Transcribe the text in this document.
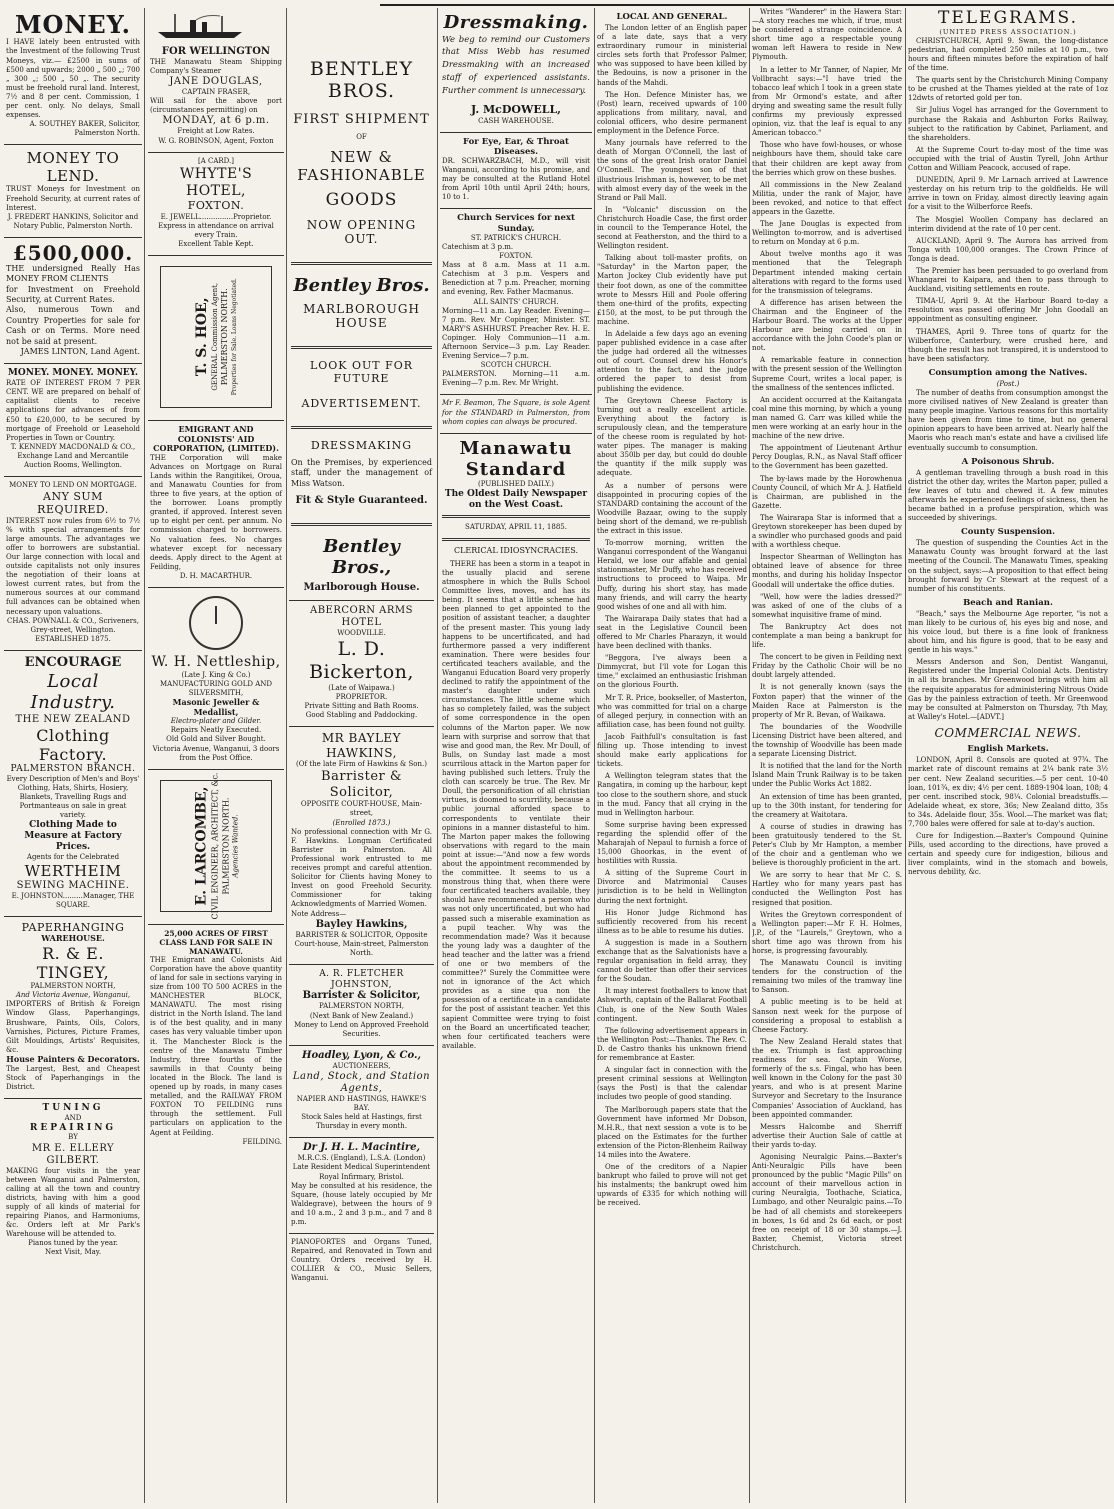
MONEY.
I HAVE lately been entrusted with the Investment of the following Trust Moneys, viz.— £2500 in sums of £500 and upwards; 2000 „ 500 „; 700 „ 300 „; 500 „ 50 „. The security must be freehold rural land. Interest, 7½ and 8 per cent. Commission, 1 per cent. only. No delays, Small expenses.
A. SOUTHEY BAKER, Solicitor, Palmerston North.
MONEY TO LEND.
TRUST Moneys for Investment on Freehold Security, at current rates of Interest.
J. FREDERT HANKINS, Solicitor and Notary Public, Palmerston North.
£500,000.
THE undersigned Really Has MONEY FROM CLIENTS
for Investment on Freehold Security, at Current Rates.
Also, numerous Town and Country Properties for sale for Cash or on Terms. More need not be said at present.
JAMES LINTON, Land Agent.
MONEY. MONEY. MONEY.
RATE OF INTEREST FROM 7 PER CENT. WE are prepared on behalf of capitalist clients to receive applications for advances of from £50 to £20,000, to be secured by mortgage of Freehold or Leasehold Properties in Town or Country.
T. KENNEDY MACDONALD & CO., Exchange Land and Mercantile Auction Rooms, Wellington.
MONEY TO LEND ON MORTGAGE.
ANY SUM REQUIRED.
INTEREST now rules from 6½ to 7½ % with special arrangements for large amounts. The advantages we offer to borrowers are substantial. Our large connection with local and outside capitalists not only insures the negotiation of their loans at lowest current rates, but from the numerous sources at our command full advances can be obtained when necessary upon valuations.
CHAS. POWNALL & CO., Scriveners, Grey-street, Wellington. ESTABLISHED 1875.
ENCOURAGE
Local Industry.
THE NEW ZEALAND
Clothing Factory.
PALMERSTON BRANCH.
Every Description of Men's and Boys' Clothing, Hats, Shirts, Hosiery, Blankets, Travelling Rugs and Portmanteaus on sale in great variety.
Clothing Made to Measure at Factory Prices.
Agents for the Celebrated
WERTHEIM
SEWING MACHINE.
E. JOHNSTON.........Manager, THE SQUARE.
PAPERHANGING
WAREHOUSE.
R. & E. TINGEY,
PALMERSTON NORTH,
And Victoria Avenue, Wanganui,
IMPORTERS of British & Foreign Window Glass, Paperhangings, Brushware, Paints, Oils, Colors, Varnishes, Pictures, Picture Frames, Gilt Mouldings, Artists' Requisites, &c.
House Painters & Decorators.
The Largest, Best, and Cheapest Stock of Paperhangings in the District.
TUNING
AND
REPAIRING
BY
MR E. ELLERY GILBERT.
MAKING four visits in the year between Wanganui and Palmerston, calling at all the town and country districts, having with him a good supply of all kinds of material for repairing Pianos, and Harmoniums, &c. Orders left at Mr Park's Warehouse will be attended to.
Pianos tuned by the year.
Next Visit, May.
FOR WELLINGTON
THE Manawatu Steam Shipping Company's Steamer
JANE DOUGLAS,
CAPTAIN FRASER,
Will sail for the above port (circumstances permitting) on
MONDAY, at 6 p.m.
Freight at Low Rates.
W. G. ROBINSON, Agent, Foxton
[A CARD.]
WHYTE'S HOTEL,
FOXTON.
E. JEWELL...............Proprietor.
Express in attendance on arrival every Train.
Excellent Table Kept.
T. S. HOE, GENERAL Commission Agent, PALMERSTON NORTH. Properties for Sale. Loans Negotiated.
EMIGRANT AND COLONISTS' AID CORPORATION, (LIMITED).
THE Corporation will make Advances on Mortgage on Rural Lands within the Rangitikei, Oroua, and Manawatu Counties for from three to five years, at the option of the borrower. Loans promptly granted, if approved. Interest seven up to eight per cent. per annum. No commission charged to borrowers. No valuation fees. No charges whatever except for necessary deeds. Apply direct to the Agent at Feilding,
D. H. MACARTHUR.
W. H. Nettleship,
(Late J. King & Co.)
MANUFACTURING GOLD AND SILVERSMITH,
Masonic Jeweller & Medallist,
Electro-plater and Gilder.
Repairs Neatly Executed.
Old Gold and Silver Bought.
Victoria Avenue, Wanganui, 3 doors from the Post Office.
E. LARCOMBE, CIVIL ENGINEER, ARCHITECT, &c. PALMERSTON NORTH. Agencies Wanted.
25,000 ACRES OF FIRST CLASS LAND FOR SALE IN MANAWATU.
THE Emigrant and Colonists Aid Corporation have the above quantity of land for sale in sections varying in size from 100 TO 500 ACRES in the MANCHESTER BLOCK, MANAWATU. The most rising district in the North Island. The land is of the best quality, and in many cases has very valuable timber upon it. The Manchester Block is the centre of the Manawatu Timber Industry, three fourths of the sawmills in that County being located in the Block. The land is opened up by roads, in many cases metalled, and the RAILWAY FROM FOXTON TO FEILDING runs through the settlement. Full particulars on application to the Agent at Feilding.
FEILDING.
BENTLEY BROS.
FIRST SHIPMENT
OF
NEW & FASHIONABLE
GOODS
NOW OPENING OUT.
Bentley Bros.
MARLBOROUGH HOUSE
LOOK OUT FOR FUTURE
ADVERTISEMENT.
DRESSMAKING
On the Premises, by experienced staff, under the management of Miss Watson.
Fit & Style Guaranteed.
Bentley Bros.,
Marlborough House.
ABERCORN ARMS HOTEL
WOODVILLE.
L. D. Bickerton,
(Late of Waipawa.)
PROPRIETOR.
Private Sitting and Bath Rooms.
Good Stabling and Paddocking.
MR BAYLEY HAWKINS,
(Of the late Firm of Hawkins & Son.)
Barrister & Solicitor,
OPPOSITE COURT-HOUSE, Main-street,
(Enrolled 1873.)
No professional connection with Mr G. F. Hawkins. Longman Certificated Barrister in Palmerston. All Professional work entrusted to me receives prompt and careful attention. Solicitor for Clients having Money to Invest on good Freehold Security. Commissioner for taking Acknowledgments of Married Women.
Note Address—
Bayley Hawkins,
BARRISTER & SOLICITOR, Opposite Court-house, Main-street, Palmerston North.
A. R. FLETCHER JOHNSTON,
Barrister & Solicitor,
PALMERSTON NORTH,
(Next Bank of New Zealand.)
Money to Lend on Approved Freehold Securities.
Hoadley, Lyon, & Co.,
AUCTIONEERS,
Land, Stock, and Station Agents,
NAPIER AND HASTINGS, HAWKE'S BAY.
Stock Sales held at Hastings, first Thursday in every month.
Dr J. H. L. Macintire,
M.R.C.S. (England), L.S.A. (London)
Late Resident Medical Superintendent Royal Infirmary, Bristol.
May be consulted at his residence, the Square, (house lately occupied by Mr Waldegrave), between the hours of 9 and 10 a.m., 2 and 3 p.m., and 7 and 8 p.m.
PIANOFORTES and Organs Tuned, Repaired, and Renovated in Town and Country. Orders received by H. COLLIER & CO., Music Sellers, Wanganui.
Dressmaking.
We beg to remind our Customers that Miss Webb has resumed Dressmaking with an increased staff of experienced assistants. Further comment is unnecessary.
J. McDOWELL,
CASH WAREHOUSE.
For Eye, Ear, & Throat Diseases.
DR. SCHWARZBACH, M.D., will visit Wanganui, according to his promise, and may be consulted at the Rutland Hotel from April 10th until April 24th; hours, 10 to 1.
Church Services for next Sunday.
ST. PATRICK'S CHURCH.
Catechism at 3 p.m.
FOXTON.
Mass at 8 a.m. Mass at 11 a.m. Catechism at 3 p.m. Vespers and Benediction at 7 p.m. Preacher, morning and evening, Rev. Father Macmanus.
ALL SAINTS' CHURCH.
Morning—11 a.m. Lay Reader. Evening—7 p.m. Rev. Mr Copinger, Minister. ST. MARY'S ASHHURST. Preacher Rev. H. E. Copinger. Holy Communion—11 a.m. Afternoon Service—3 p.m. Lay Reader. Evening Service—7 p.m.
SCOTCH CHURCH.
PALMERSTON. Morning—11 a.m. Evening—7 p.m. Rev. Mr Wright.
Mr F. Beamon, The Square, is sole Agent for the STANDARD in Palmerston, from whom copies can always be procured.
Manawatu Standard
(PUBLISHED DAILY.)
The Oldest Daily Newspaper on the West Coast.
SATURDAY, APRIL 11, 1885.
CLERICAL IDIOSYNCRACIES.

THERE has been a storm in a teapot in the usually placid and serene atmosphere in which the Bulls School Committee lives, moves, and has its being. It seems that a little scheme had been planned to get appointed to the position of assistant teacher, a daughter of the present master. This young lady happens to be uncertificated, and had furthermore passed a very indifferent examination. There were besides four certificated teachers available, and the Wanganui Education Board very properly declined to ratify the appointment of the master's daughter under such circumstances. The little scheme which has so completely failed, was the subject of some correspondence in the open columns of the Marton paper. We now learn with surprise and sorrow that that wise and good man, the Rev. Mr Doull, of Bulls, on Sunday last made a most scurrilous attack in the Marton paper for having published such letters. Truly the cloth can scarcely be true. The Rev. Mr Doull, the personification of all christian virtues, is doomed to scurrility, because a public journal afforded space to correspondents to ventilate their opinions in a manner distasteful to him. The Marton paper makes the following observations with regard to the main point at issue:—"And now a few words about the appointment recommended by the committee. It seems to us a monstrous thing that, when there were four certificated teachers available, they should have recommended a person who was not only uncertificated, but who had passed such a miserable examination as a pupil teacher. Why was the recommendation made? Was it because the young lady was a daughter of the head teacher and the latter was a friend of one or two members of the committee?" Surely the Committee were not in ignorance of the Act which provides as a sine qua non the possession of a certificate in a candidate for the post of assistant teacher. Yet this sapient Committee were trying to foist on the Board an uncertificated teacher, when four certificated teachers were available.

LOCAL AND GENERAL.

The London letter of an English paper of a late date, says that a very extraordinary rumour in ministerial circles sets forth that Professor Palmer, who was supposed to have been killed by the Bedouins, is now a prisoner in the hands of the Mahdi.

The Hon. Defence Minister has, we (Post) learn, received upwards of 100 applications from military, naval, and colonial officers, who desire permanent employment in the Defence Force.

Many journals have referred to the death of Morgan O'Connell, the last of the sons of the great Irish orator Daniel O'Connell. The youngest son of that illustrious Irishman is, however, to be met with almost every day of the week in the Strand or Pall Mall.

In "Volcanic" discussion on the Christchurch Hoadle Case, the first order in council to the Temperance Hotel, the second at Featherston, and the third to a Wellington resident.

Talking about toll-master profits, on "Saturday" in the Marton paper, the Marton Jockey Club evidently have put their foot down, as one of the committee wrote to Messrs Hill and Poole offering them one-third of the profits, expecting £150, at the most, to be put through the machine.

In Adelaide a few days ago an evening paper published evidence in a case after the judge had ordered all the witnesses out of court. Counsel drew his Honor's attention to the fact, and the judge ordered the paper to desist from publishing the evidence.

The Greytown Cheese Factory is turning out a really excellent article. Everything about the factory is scrupulously clean, and the temperature of the cheese room is regulated by hot-water pipes. The manager is making about 350lb per day, but could do double the quantity if the milk supply was adequate.

As a number of persons were disappointed in procuring copies of the STANDARD containing the account of the Woodville Bazaar, owing to the supply being short of the demand, we re-publish the extract in this issue.

To-morrow morning, written the Wanganui correspondent of the Wanganui Herald, we lose our affable and genial stationmaster, Mr Duffy, who has received instructions to proceed to Waipa. Mr Duffy, during his short stay, has made many friends, and will carry the hearty good wishes of one and all with him.

The Wairarapa Daily states that had a seat in the Legislative Council been offered to Mr Charles Pharazyn, it would have been declined with thanks.

"Beggora, I've always been a Dimmycrat, but I'll vote for Logan this time," exclaimed an enthusiastic Irishman on the glorious Fourth.

Mr T. R. Price, bookseller, of Masterton, who was committed for trial on a charge of alleged perjury, in connection with an affiliation case, has been found not guilty.

Jacob Faithfull's consultation is fast filling up. Those intending to invest should make early applications for tickets.

A Wellington telegram states that the Rangatira, in coming up the harbour, kept too close to the southern shore, and stuck in the mud. Fancy that all crying in the mud in Wellington harbour.

Some surprise having been expressed regarding the splendid offer of the Maharajah of Nepaul to furnish a force of 15,000 Ghoorkas, in the event of hostilities with Russia.

A sitting of the Supreme Court in Divorce and Matrimonial Causes jurisdiction is to be held in Wellington during the next fortnight.

His Honor Judge Richmond has sufficiently recovered from his recent illness as to be able to resume his duties.

A suggestion is made in a Southern exchange that as the Salvationists have a regular organisation in field array, they cannot do better than offer their services for the Soudan.

It may interest footballers to know that Ashworth, captain of the Ballarat Football Club, is one of the New South Wales contingent.

The following advertisement appears in the Wellington Post:—Thanks. The Rev. C. D. de Castro thanks his unknown friend for remembrance at Easter.

A singular fact in connection with the present criminal sessions at Wellington (says the Post) is that the calendar includes two people of good standing.

The Marlborough papers state that the Government have informed Mr Dobson, M.H.R., that next session a vote is to be placed on the Estimates for the further extension of the Picton-Blenheim Railway 14 miles into the Awatere.

One of the creditors of a Napier bankrupt who failed to prove will not get his instalments; the bankrupt owed him upwards of £335 for which nothing will be received.

Writes "Wanderer" in the Hawera Star:—A story reaches me which, if true, must be considered a strange coincidence. A short time ago a respectable young woman left Hawera to reside in New Plymouth.

In a letter to Mr Tanner, of Napier, Mr Vollbracht says:—"I have tried the tobacco leaf which I took in a green state from Mr Ormond's estate, and after drying and sweating same the result fully confirms my previously expressed opinion, viz. that the leaf is equal to any American tobacco."

Those who have fowl-houses, or whose neighbours have them, should take care that their children are kept away from the berries which grow on these bushes.

All commissions in the New Zealand Militia, under the rank of Major, have been revoked, and notice to that effect appears in the Gazette.

The Jane Douglas is expected from Wellington to-morrow, and is advertised to return on Monday at 6 p.m.

About twelve months ago it was mentioned that the Telegraph Department intended making certain alterations with regard to the forms used for the transmission of telegrams.

A difference has arisen between the Chairman and the Engineer of the Harbour Board. The works at the Upper Harbour are being carried on in accordance with the John Coode's plan or not.

A remarkable feature in connection with the present session of the Wellington Supreme Court, writes a local paper, is the smallness of the sentences inflicted.

An accident occurred at the Kaitangata coal mine this morning, by which a young man named G. Carr was killed while the men were working at an early hour in the machine of the new drive.

The appointment of Lieutenant Arthur Percy Douglas, R.N., as Naval Staff officer to the Government has been gazetted.

The by-laws made by the Horowhenua County Council, of which Mr A. J. Hatfield is Chairman, are published in the Gazette.

The Wairarapa Star is informed that a Greytown storekeeper has been duped by a swindler who purchased goods and paid with a worthless cheque.

Inspector Shearman of Wellington has obtained leave of absence for three months, and during his holiday Inspector Goodall will undertake the office duties.

"Well, how were the ladies dressed?" was asked of one of the clubs of a somewhat inquisitive frame of mind.

The Bankruptcy Act does not contemplate a man being a bankrupt for life.

The concert to be given in Feilding next Friday by the Catholic Choir will be no doubt largely attended.

It is not generally known (says the Foxton paper) that the winner of the Maiden Race at Palmerston is the property of Mr R. Bevan, of Waikawa.

The boundaries of the Woodville Licensing District have been altered, and the township of Woodville has been made a separate Licensing District.

It is notified that the land for the North Island Main Trunk Railway is to be taken under the Public Works Act 1882.

An extension of time has been granted, up to the 30th instant, for tendering for the creamery at Waitotara.

A course of studies in drawing has been gratuitously tendered to the St. Peter's Club by Mr Hampton, a member of the choir and a gentleman who we believe is thoroughly proficient in the art.

We are sorry to hear that Mr C. S. Hartley who for many years past has conducted the Wellington Post has resigned that position.

Writes the Greytown correspondent of a Wellington paper:—Mr F. H. Holmes, J.P., of the "Laurels," Greytown, who a short time ago was thrown from his horse, is progressing favourably.

The Manawatu Council is inviting tenders for the construction of the remaining two miles of the tramway line to Sanson.

A public meeting is to be held at Sanson next week for the purpose of considering a proposal to establish a Cheese Factory.

The New Zealand Herald states that the ex. Triumph is fast approaching readiness for sea. Captain Worse, formerly of the s.s. Fingal, who has been well known in the Colony for the past 30 years, and who is at present Marine Surveyor and Secretary to the Insurance Companies' Association of Auckland, has been appointed commander.

Messrs Halcombe and Sherriff advertise their Auction Sale of cattle at their yards to-day.

Agonising Neuralgic Pains.—Baxter's Anti-Neuralgic Pills have been pronounced by the public "Magic Pills" on account of their marvellous action in curing Neuralgia, Toothache, Sciatica, Lumbago, and other Neuralgic pains.—To be had of all chemists and storekeepers in boxes, 1s 6d and 2s 6d each, or post free on receipt of 18 or 30 stamps.—J. Baxter, Chemist, Victoria street Christchurch.

TELEGRAMS.
(UNITED PRESS ASSOCIATION.)

CHRISTCHURCH, April 9. Swan, the long-distance pedestrian, had completed 250 miles at 10 p.m., two hours and fifteen minutes before the expiration of half of the time.

The quarts sent by the Christchurch Mining Company to be crushed at the Thames yielded at the rate of 1oz 12dwts of retorted gold per ton.

Sir Julius Vogel has arranged for the Government to purchase the Rakaia and Ashburton Forks Railway, subject to the ratification by Cabinet, Parliament, and the shareholders.

At the Supreme Court to-day most of the time was occupied with the trial of Austin Tyrell, John Arthur Cotton and William Peacock, accused of rape.

DUNEDIN, April 9. Mr Larnach arrived at Lawrence yesterday on his return trip to the goldfields. He will arrive in town on Friday, almost directly leaving again for a visit to the Wilberforce Reefs.

The Mosgiel Woollen Company has declared an interim dividend at the rate of 10 per cent.

AUCKLAND, April 9. The Aurora has arrived from Tonga with 100,000 oranges. The Crown Prince of Tonga is dead.

The Premier has been persuaded to go overland from Whangarei to Kaipara, and then to pass through to Auckland, visiting settlements en route.

TIMA-U, April 9. At the Harbour Board to-day a resolution was passed offering Mr John Goodall an appointment as consulting engineer.

THAMES, April 9. Three tons of quartz for the Wilberforce, Canterbury, were crushed here, and though the result has not transpired, it is understood to have been satisfactory.

Consumption among the Natives.
(Post.)

The number of deaths from consumption amongst the more civilised natives of New Zealand is greater than many people imagine. Various reasons for this mortality have been given from time to time, but no general opinion appears to have been arrived at. Nearly half the Maoris who reach man's estate and have a civilised life eventually succumb to consumption.

A Poisonous Shrub.

A gentleman travelling through a bush road in this district the other day, writes the Marton paper, pulled a few leaves of tutu and chewed it. A few minutes afterwards he experienced feelings of sickness, then he became bathed in a profuse perspiration, which was succeeded by shiverings.

County Suspension.

The question of suspending the Counties Act in the Manawatu County was brought forward at the last meeting of the Council. The Manawatu Times, speaking on the subject, says:—A proposition to that effect being brought forward by Cr Stewart at the request of a number of his constituents.

Beach and Ranian.

"Beach," says the Melbourne Age reporter, "is not a man likely to be curious of, his eyes big and nose, and his voice loud, but there is a fine look of frankness about him, and his figure is good, that to be easy and gentle in his ways."

Messrs Anderson and Son, Dentist Wanganui, Registered under the Imperial Colonial Acts. Dentistry in all its branches. Mr Greenwood brings with him all the requisite apparatus for administering Nitrous Oxide Gas by the painless extraction of teeth. Mr Greenwood may be consulted at Palmerston on Thursday, 7th May, at Walley's Hotel.—[ADVT.]

COMMERCIAL NEWS.
English Markets.

LONDON, April 8. Consols are quoted at 97¾. The market rate of discount remains at 2¼ bank rate 3½ per cent. New Zealand securities.—5 per cent. 10-40 loan, 101¾, ex div; 4½ per cent. 1889-1904 loan, 108; 4 per cent. inscribed stock, 98¼. Colonial breadstuffs.—Adelaide wheat, ex store, 36s; New Zealand ditto, 35s to 34s. Adelaide flour, 35s. Wool.—The market was flat; 7,700 bales were offered for sale at to-day's auction.

Cure for Indigestion.—Baxter's Compound Quinine Pills, used according to the directions, have proved a certain and speedy cure for indigestion, bilious and liver complaints, wind in the stomach and bowels, nervous debility, &c.
